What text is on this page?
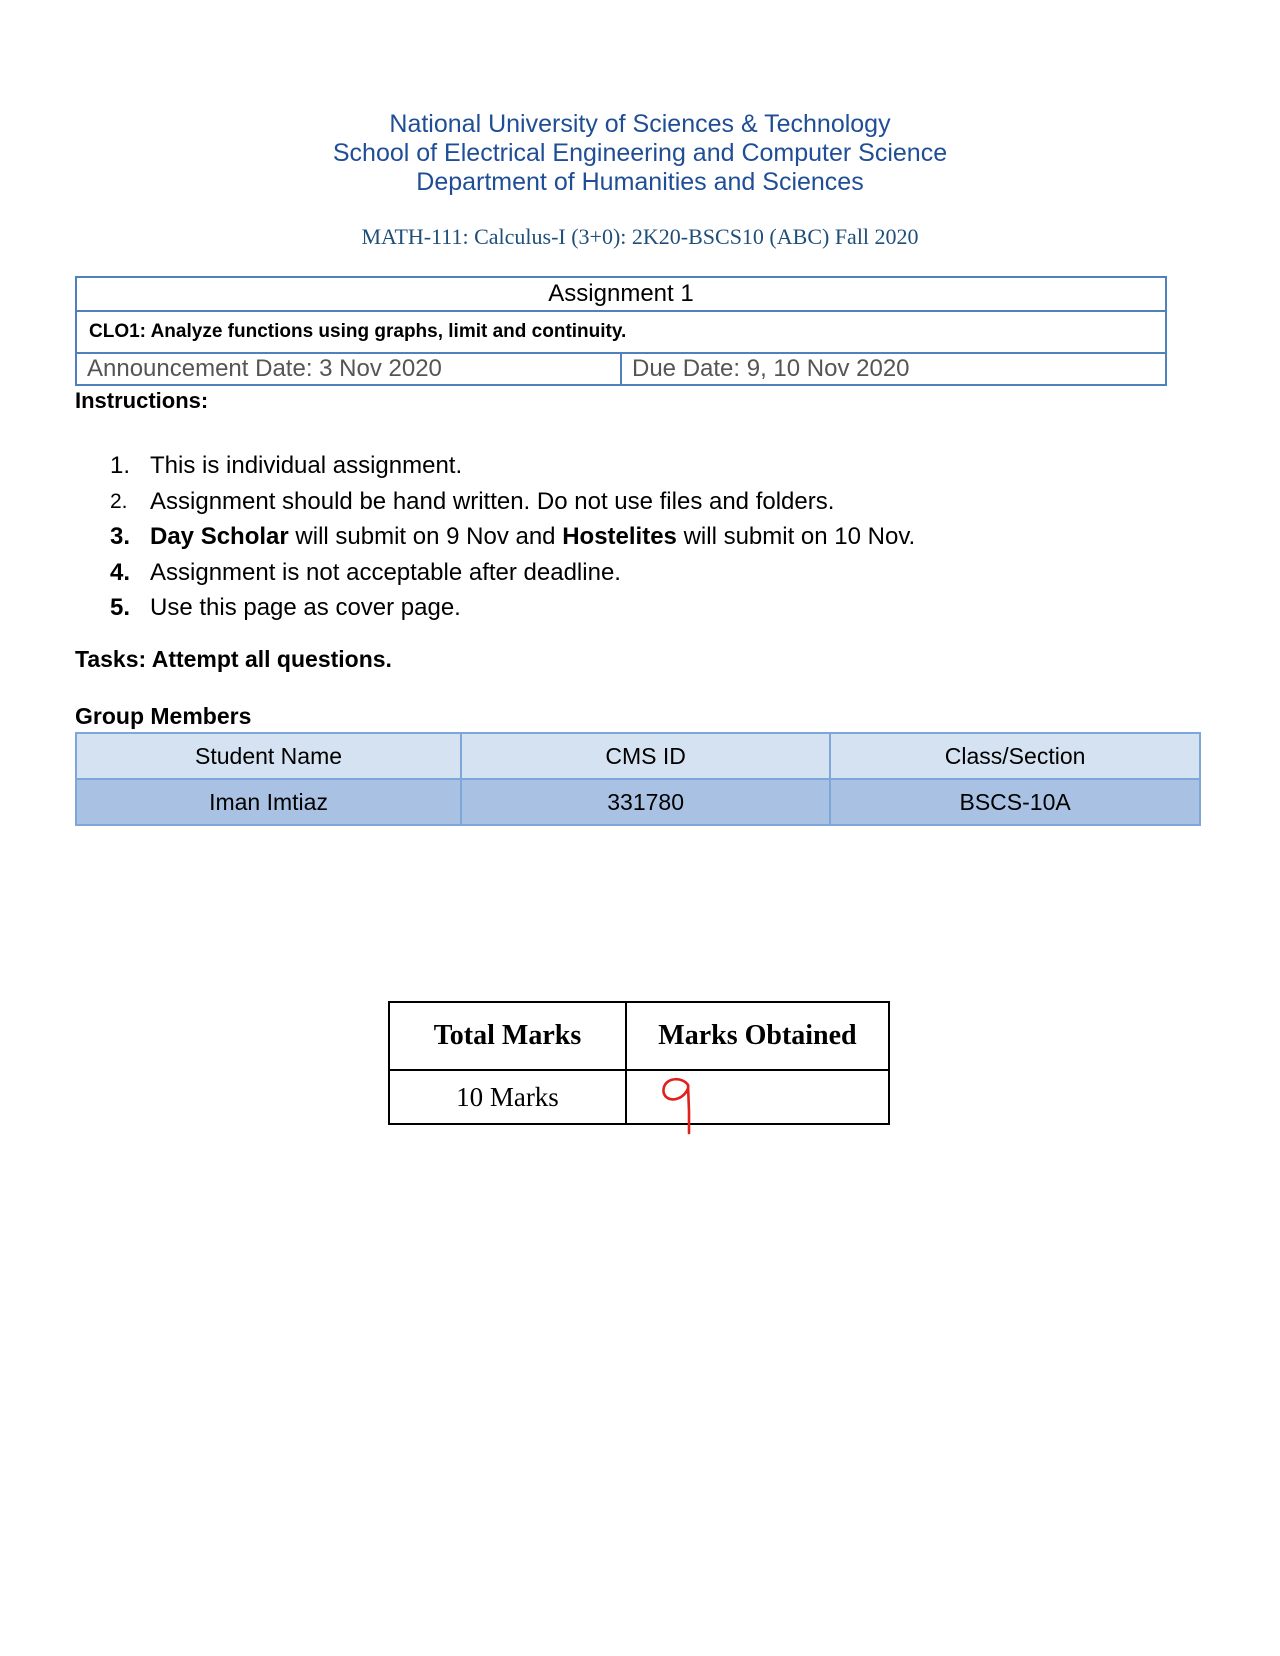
National University of Sciences & Technology
School of Electrical Engineering and Computer Science
Department of Humanities and Sciences
MATH-111: Calculus-I (3+0): 2K20-BSCS10 (ABC) Fall 2020
Assignment 1
CLO1: Analyze functions using graphs, limit and continuity.
Announcement Date: 3 Nov 2020	Due Date: 9, 10 Nov 2020
Instructions:
1. This is individual assignment.
2. Assignment should be hand written. Do not use files and folders.
3. Day Scholar will submit on 9 Nov and Hostelites will submit on 10 Nov.
4. Assignment is not acceptable after deadline.
5. Use this page as cover page.
Tasks: Attempt all questions.
Group Members
Student Name	CMS ID	Class/Section
Iman Imtiaz	331780	BSCS-10A
Total Marks	Marks Obtained
10 Marks	
